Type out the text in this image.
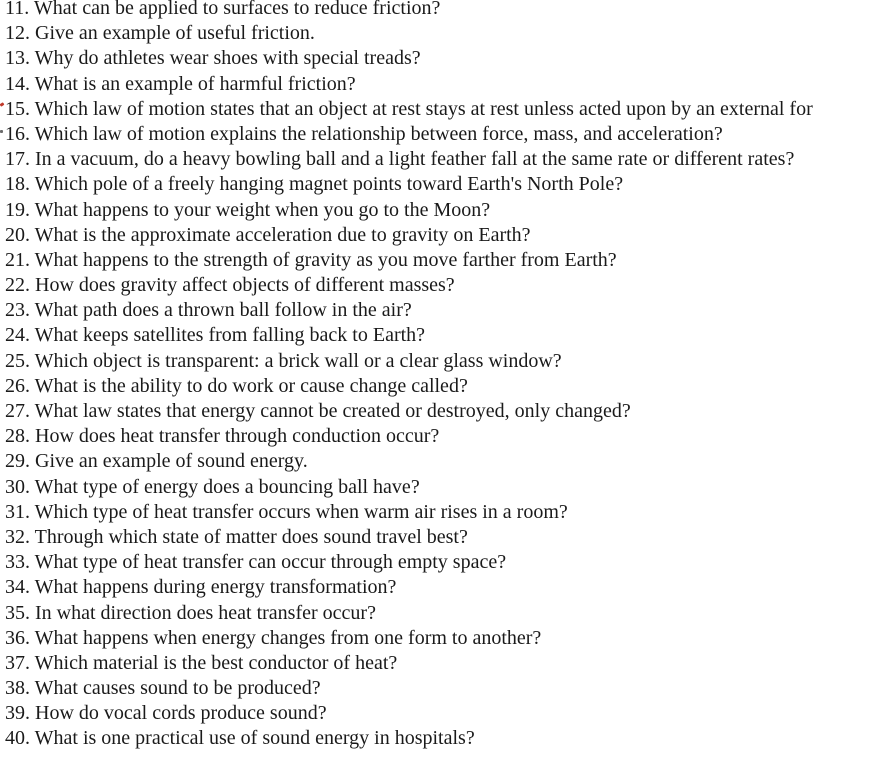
11. What can be applied to surfaces to reduce friction?
12. Give an example of useful friction.
13. Why do athletes wear shoes with special treads?
14. What is an example of harmful friction?
15. Which law of motion states that an object at rest stays at rest unless acted upon by an external for
16. Which law of motion explains the relationship between force, mass, and acceleration?
17. In a vacuum, do a heavy bowling ball and a light feather fall at the same rate or different rates?
18. Which pole of a freely hanging magnet points toward Earth's North Pole?
19. What happens to your weight when you go to the Moon?
20. What is the approximate acceleration due to gravity on Earth?
21. What happens to the strength of gravity as you move farther from Earth?
22. How does gravity affect objects of different masses?
23. What path does a thrown ball follow in the air?
24. What keeps satellites from falling back to Earth?
25. Which object is transparent: a brick wall or a clear glass window?
26. What is the ability to do work or cause change called?
27. What law states that energy cannot be created or destroyed, only changed?
28. How does heat transfer through conduction occur?
29. Give an example of sound energy.
30. What type of energy does a bouncing ball have?
31. Which type of heat transfer occurs when warm air rises in a room?
32. Through which state of matter does sound travel best?
33. What type of heat transfer can occur through empty space?
34. What happens during energy transformation?
35. In what direction does heat transfer occur?
36. What happens when energy changes from one form to another?
37. Which material is the best conductor of heat?
38. What causes sound to be produced?
39. How do vocal cords produce sound?
40. What is one practical use of sound energy in hospitals?
